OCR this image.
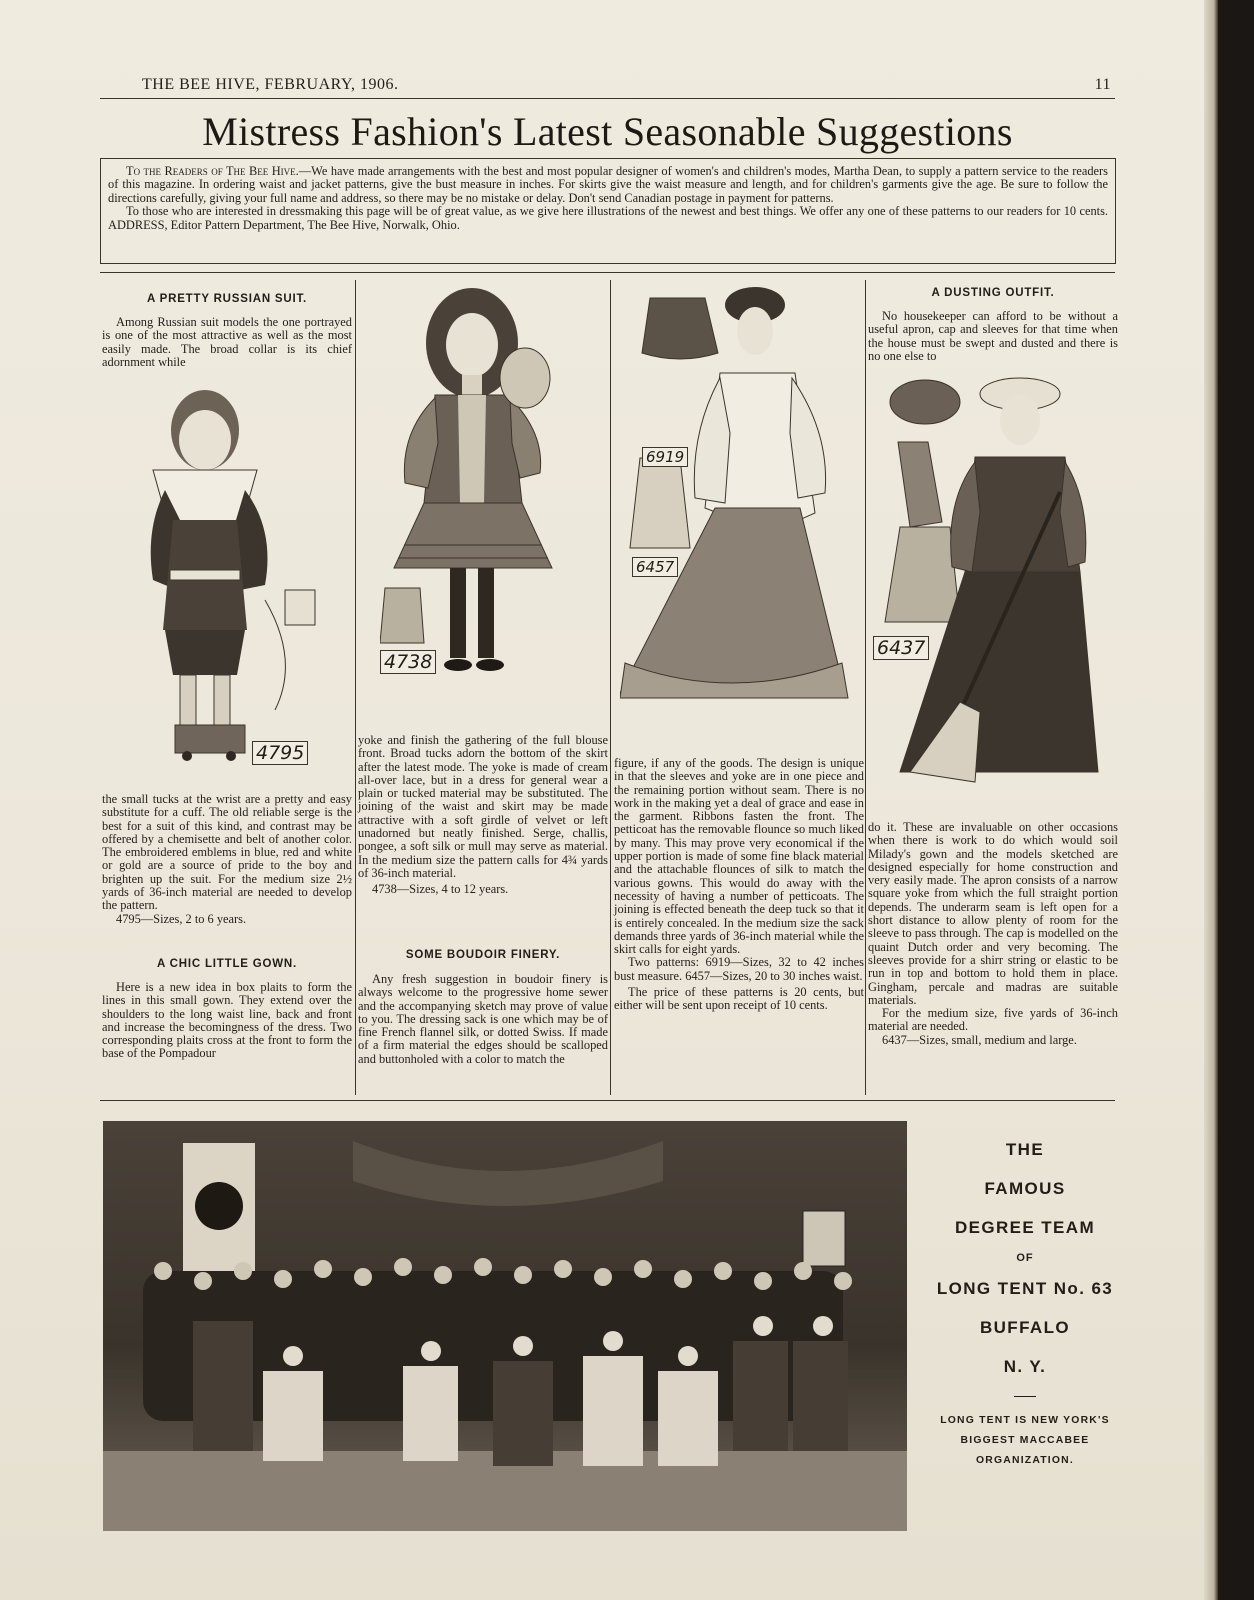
THE BEE HIVE, FEBRUARY, 1906.	11
Mistress Fashion's Latest Seasonable Suggestions

To the Readers of The Bee Hive.—We have made arrangements with the best and most popular designer of women's and children's modes, Martha Dean, to supply a pattern service to the readers of this magazine. In ordering waist and jacket patterns, give the bust measure in inches. For skirts give the waist measure and length, and for children's garments give the age. Be sure to follow the directions carefully, giving your full name and address, so there may be no mistake or delay. Don't send Canadian postage in payment for patterns.

To those who are interested in dressmaking this page will be of great value, as we give here illustrations of the newest and best things. We offer any one of these patterns to our readers for 10 cents. ADDRESS, Editor Pattern Department, The Bee Hive, Norwalk, Ohio.

A PRETTY RUSSIAN SUIT.

Among Russian suit models the one portrayed is one of the most attractive as well as the most easily made. The broad collar is its chief adornment while

4795

the small tucks at the wrist are a pretty and easy substitute for a cuff. The old reliable serge is the best for a suit of this kind, and contrast may be offered by a chemisette and belt of another color. The embroidered emblems in blue, red and white or gold are a source of pride to the boy and brighten up the suit. For the medium size 2½ yards of 36-inch material are needed to develop the pattern.

4795—Sizes, 2 to 6 years.

A CHIC LITTLE GOWN.

Here is a new idea in box plaits to form the lines in this small gown. They extend over the shoulders to the long waist line, back and front and increase the becomingness of the dress. Two corresponding plaits cross at the front to form the base of the Pompadour

4738

yoke and finish the gathering of the full blouse front. Broad tucks adorn the bottom of the skirt after the latest mode. The yoke is made of cream all-over lace, but in a dress for general wear a plain or tucked material may be substituted. The joining of the waist and skirt may be made attractive with a soft girdle of velvet or left unadorned but neatly finished. Serge, challis, pongee, a soft silk or mull may serve as material. In the medium size the pattern calls for 4¾ yards of 36-inch material.

4738—Sizes, 4 to 12 years.

SOME BOUDOIR FINERY.

Any fresh suggestion in boudoir finery is always welcome to the progressive home sewer and the accompanying sketch may prove of value to you. The dressing sack is one which may be of fine French flannel silk, or dotted Swiss. If made of a firm material the edges should be scalloped and buttonholed with a color to match the

6919
6457

figure, if any of the goods. The design is unique in that the sleeves and yoke are in one piece and the remaining portion without seam. There is no work in the making yet a deal of grace and ease in the garment. Ribbons fasten the front. The petticoat has the removable flounce so much liked by many. This may prove very economical if the upper portion is made of some fine black material and the attachable flounces of silk to match the various gowns. This would do away with the necessity of having a number of petticoats. The joining is effected beneath the deep tuck so that it is entirely concealed. In the medium size the sack demands three yards of 36-inch material while the skirt calls for eight yards.

Two patterns: 6919—Sizes, 32 to 42 inches bust measure. 6457—Sizes, 20 to 30 inches waist.

The price of these patterns is 20 cents, but either will be sent upon receipt of 10 cents.

A DUSTING OUTFIT.

No housekeeper can afford to be without a useful apron, cap and sleeves for that time when the house must be swept and dusted and there is no one else to

6437

do it. These are invaluable on other occasions when there is work to do which would soil Milady's gown and the models sketched are designed especially for home construction and very easily made. The apron consists of a narrow square yoke from which the full straight portion depends. The underarm seam is left open for a short distance to allow plenty of room for the sleeve to pass through. The cap is modelled on the quaint Dutch order and very becoming. The sleeves provide for a shirr string or elastic to be run in top and bottom to hold them in place. Gingham, percale and madras are suitable materials.

For the medium size, five yards of 36-inch material are needed.

6437—Sizes, small, medium and large.

THE
FAMOUS
DEGREE TEAM
OF
LONG TENT No. 63
BUFFALO
N. Y.
LONG TENT IS NEW YORK'S
BIGGEST MACCABEE
ORGANIZATION.
